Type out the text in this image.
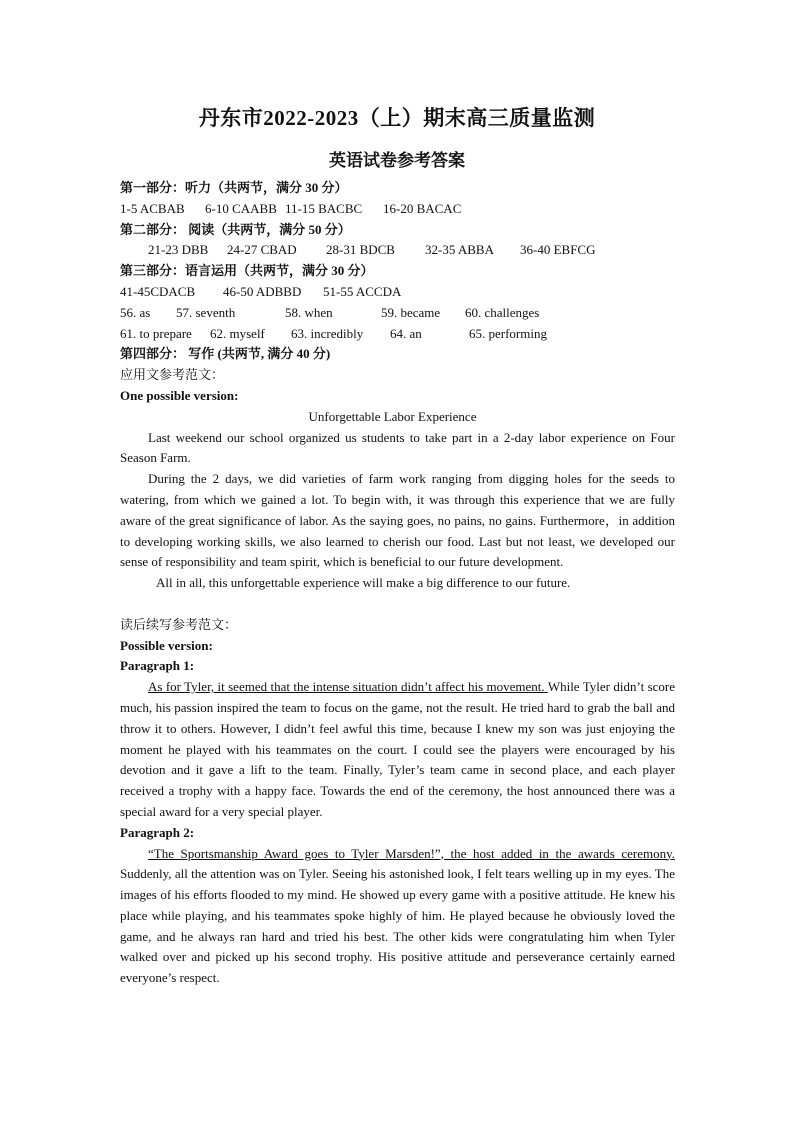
丹东市2022-2023（上）期末高三质量监测
英语试卷参考答案
第一部分：听力（共两节，满分 30 分）
1-5 ACBAB 6-10 CAABB 11-15 BACBC 16-20 BACAC
第二部分： 阅读（共两节，满分 50 分）
21-23 DBB 24-27 CBAD 28-31 BDCB 32-35 ABBA 36-40 EBFCG
第三部分：语言运用（共两节，满分 30 分）
41-45CDACB 46-50 ADBBD 51-55 ACCDA
56. as 57. seventh	58. when	59. became 60. challenges
61. to prepare 62. myself 63. incredibly 64. an	65. performing
第四部分： 写作 (共两节, 满分 40 分)
应用文参考范文：
One possible version:
Unforgettable Labor Experience

Last weekend our school organized us students to take part in a 2-day labor experience on Four Season Farm.

During the 2 days, we did varieties of farm work ranging from digging holes for the seeds to watering, from which we gained a lot. To begin with, it was through this experience that we are fully aware of the great significance of labor. As the saying goes, no pains, no gains. Furthermore，in addition to developing working skills, we also learned to cherish our food. Last but not least, we developed our sense of responsibility and team spirit, which is beneficial to our future development.

All in all, this unforgettable experience will make a big difference to our future.

读后续写参考范文：
Possible version:
Paragraph 1:

As for Tyler, it seemed that the intense situation didn’t affect his movement. While Tyler didn’t score much, his passion inspired the team to focus on the game, not the result. He tried hard to grab the ball and throw it to others. However, I didn’t feel awful this time, because I knew my son was just enjoying the moment he played with his teammates on the court. I could see the players were encouraged by his devotion and it gave a lift to the team. Finally, Tyler’s team came in second place, and each player received a trophy with a happy face. Towards the end of the ceremony, the host announced there was a special award for a very special player.

Paragraph 2:

“The Sportsmanship Award goes to Tyler Marsden!”, the host added in the awards ceremony. Suddenly, all the attention was on Tyler. Seeing his astonished look, I felt tears welling up in my eyes. The images of his efforts flooded to my mind. He showed up every game with a positive attitude. He knew his place while playing, and his teammates spoke highly of him. He played because he obviously loved the game, and he always ran hard and tried his best. The other kids were congratulating him when Tyler walked over and picked up his second trophy. His positive attitude and perseverance certainly earned everyone’s respect.
